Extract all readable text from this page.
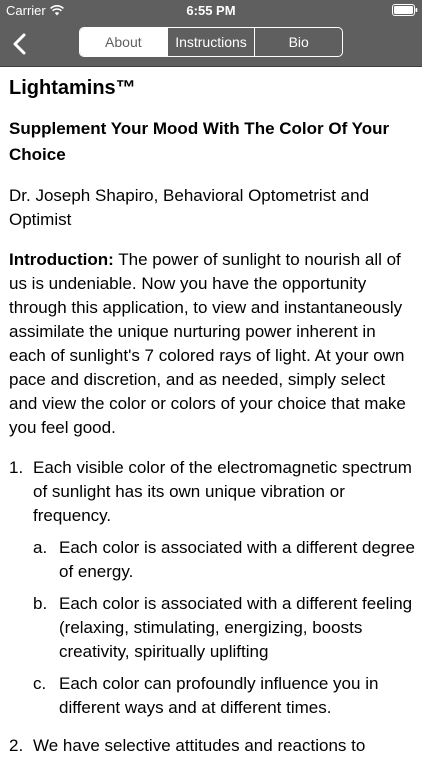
Carrier	6:55 PM
About	Instructions	Bio
Lightamins™
Supplement Your Mood With The Color Of Your Choice

Dr. Joseph Shapiro, Behavioral Optometrist and Optimist

Introduction: The power of sunlight to nourish all of us is undeniable. Now you have the opportunity through this application, to view and instantaneously assimilate the unique nurturing power inherent in each of sunlight's 7 colored rays of light. At your own pace and discretion, and as needed, simply select and view the color or colors of your choice that make you feel good.

1. Each visible color of the electromagnetic spectrum of sunlight has its own unique vibration or frequency.
a. Each color is associated with a different degree of energy.
b. Each color is associated with a different feeling (relaxing, stimulating, energizing, boosts creativity, spiritually uplifting
c. Each color can profoundly influence you in different ways and at different times.
2. We have selective attitudes and reactions to
